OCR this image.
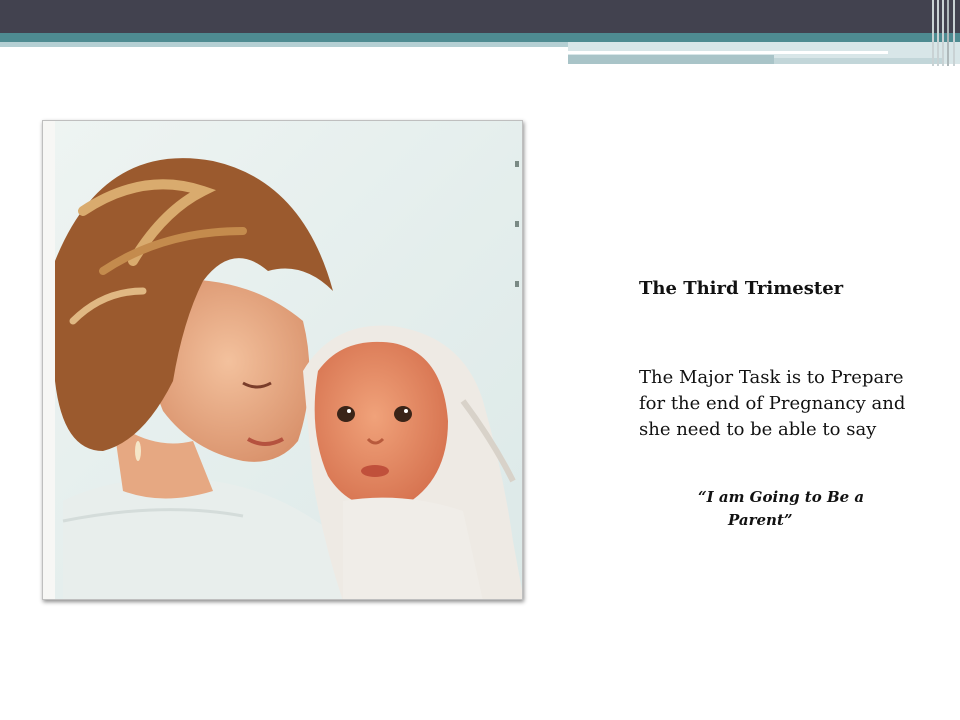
The Third Trimester
The Major Task is to Prepare for the end of Pregnancy and she need to be able to say
“I am Going to Be a
Parent”
